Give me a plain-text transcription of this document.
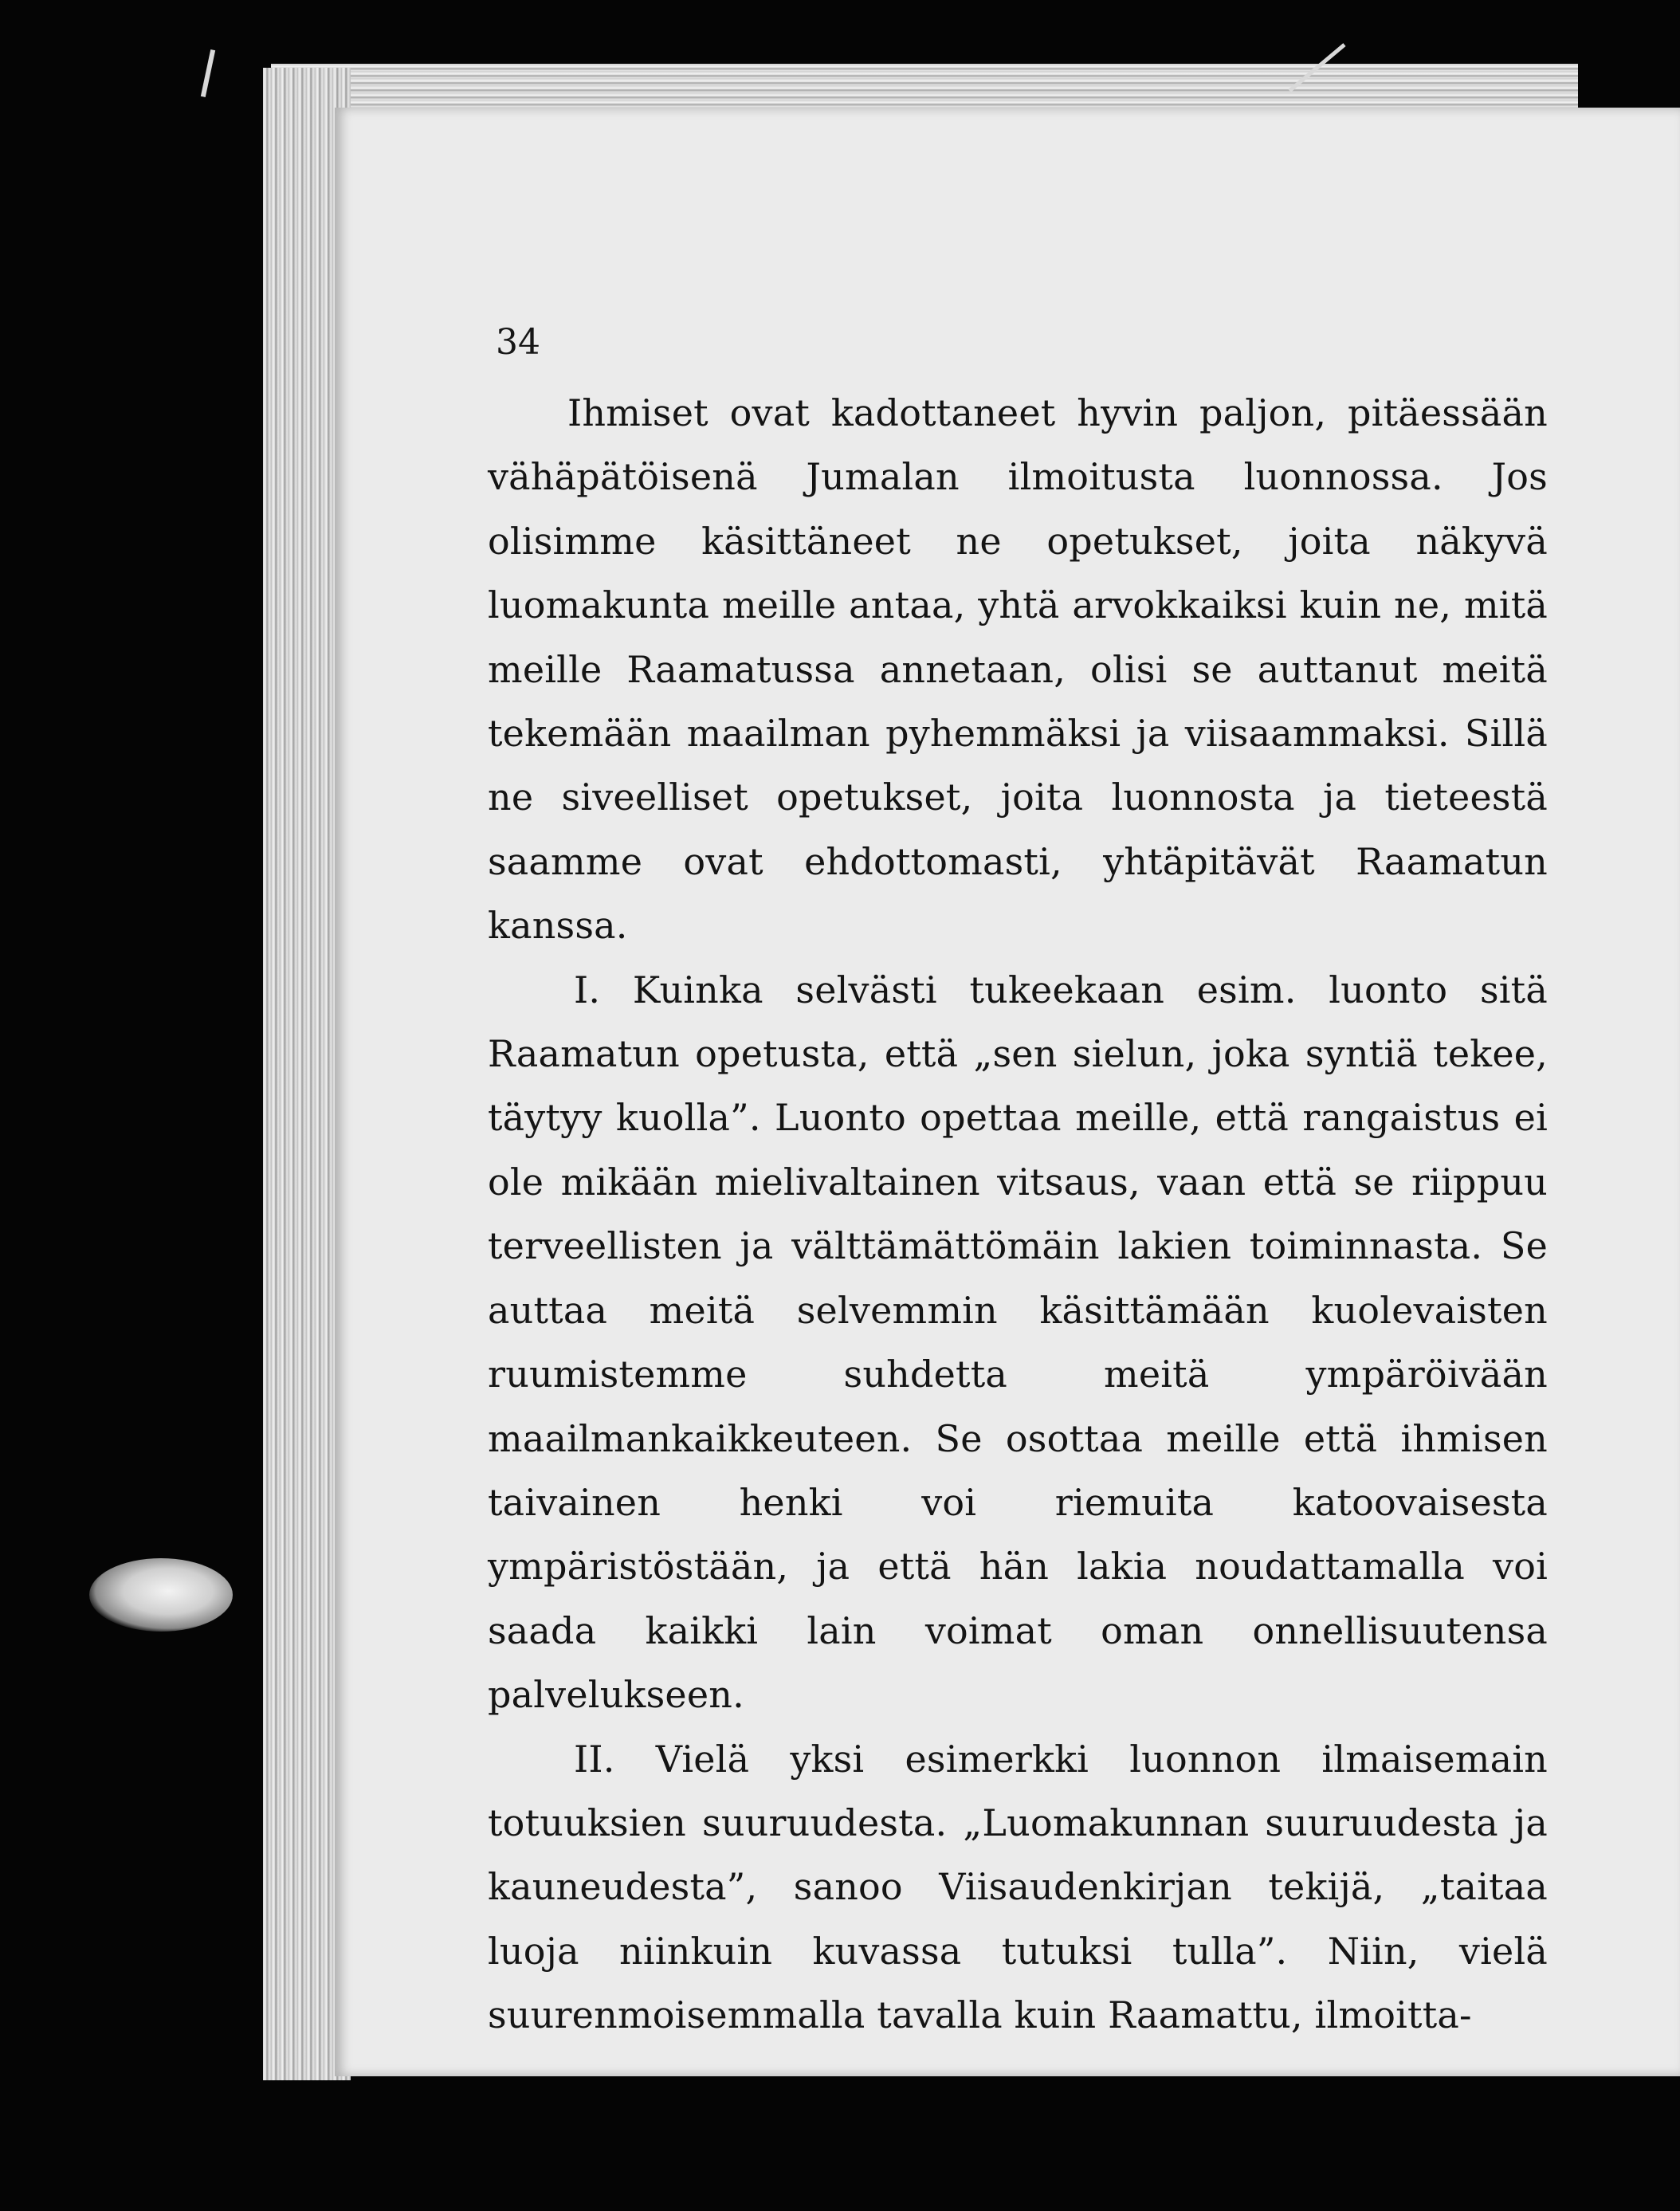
34

Ihmiset ovat kadottaneet hyvin paljon, pitäessään vähäpätöisenä Jumalan ilmoitusta luonnossa. Jos olisimme käsittäneet ne opetukset, joita näkyvä luomakunta meille antaa, yhtä arvokkaiksi kuin ne, mitä meille Raamatussa annetaan, olisi se auttanut meitä tekemään maailman pyhemmäksi ja viisaammaksi. Sillä ne siveelliset opetukset, joita luonnosta ja tieteestä saamme ovat ehdottomasti, yhtäpitävät Raamatun kanssa.

I. Kuinka selvästi tukeekaan esim. luonto sitä Raamatun opetusta, että „sen sielun, joka syntiä tekee, täytyy kuolla”. Luonto opettaa meille, että rangaistus ei ole mikään mielivaltainen vitsaus, vaan että se riippuu terveellisten ja välttämättömäin lakien toiminnasta. Se auttaa meitä selvemmin käsittämään kuolevaisten ruumistemme suhdetta meitä ympäröivään maailmankaikkeuteen. Se osottaa meille että ihmisen taivainen henki voi riemuita katoovaisesta ympäristöstään, ja että hän lakia noudattamalla voi saada kaikki lain voimat oman onnellisuutensa palvelukseen.

II. Vielä yksi esimerkki luonnon ilmaisemain totuuksien suuruudesta. „Luomakunnan suuruudesta ja kauneudesta”, sanoo Viisaudenkirjan tekijä, „taitaa luoja niinkuin kuvassa tutuksi tulla”. Niin, vielä suurenmoisemmalla tavalla kuin Raamattu, ilmoitta-
